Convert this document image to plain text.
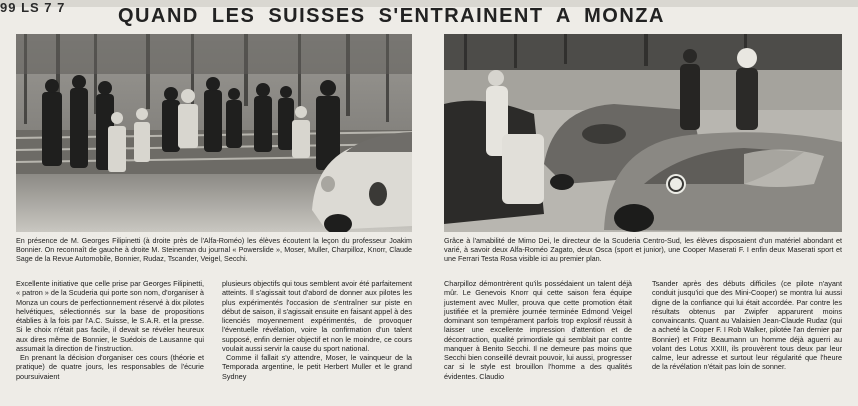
99 LS 7 7	QUAND LES SUISSES S'ENTRAINENT A MONZA
En présence de M. Georges Filipinetti (à droite près de l'Alfa-Roméo) les élèves écoutent la leçon du professeur Joakim Bonnier. On reconnaît de gauche à droite M. Steineman du journal « Powerslide », Moser, Muller, Charpilloz, Knorr, Claude Sage de la Revue Automobile, Bonnier, Rudaz, Tscander, Veigel, Secchi.
Grâce à l'amabilité de Mimo Dei, le directeur de la Scuderia Centro-Sud, les élèves disposaient d'un matériel abondant et varié, à savoir deux Alfa-Roméo Zagato, deux Osca (sport et junior), une Cooper Maserati F. I enfin deux Maserati sport et une Ferrari Testa Rosa visible ici au premier plan.

Excellente initiative que celle prise par Georges Filipinetti, « patron » de la Scuderia qui porte son nom, d'organiser à Monza un cours de perfectionnement réservé à dix pilotes helvétiques, sélectionnés sur la base de propositions établies à la fois par l'A.C. Suisse, le S.A.R. et la presse. Si le choix n'était pas facile, il devait se révéler heureux aux dires même de Bonnier, le Suédois de Lausanne qui assumait la direction de l'instruction.

En prenant la décision d'organiser ces cours (théorie et pratique) de quatre jours, les responsables de l'écurie poursuivaient

plusieurs objectifs qui tous semblent avoir été parfaitement atteints. Il s'agissait tout d'abord de donner aux pilotes les plus expérimentés l'occasion de s'entraîner sur piste en début de saison, il s'agissait ensuite en faisant appel à des licenciés moyennement expérimentés, de provoquer l'éventuelle révélation, voire la confirmation d'un talent supposé, enfin dernier objectif et non le moindre, ce cours voulait aussi servir la cause du sport national.

Comme il fallait s'y attendre, Moser, le vainqueur de la Temporada argentine, le petit Herbert Muller et le grand Sydney

Charpilloz démontrèrent qu'ils possédaient un talent déjà mûr. Le Genevois Knorr qui cette saison fera équipe justement avec Muller, prouva que cette promotion était justifiée et la première journée terminée Edmond Veigel dominant son tempérament parfois trop explosif réussit à laisser une excellente impression d'attention et de décontraction, qualité primordiale qui semblait par contre manquer à Benito Secchi. Il ne demeure pas moins que Secchi bien conseillé devrait pouvoir, lui aussi, progresser car si le style est brouillon l'homme a des qualités évidentes. Claudio

Tsander après des débuts difficiles (ce pilote n'ayant conduit jusqu'ici que des Mini-Cooper) se montra lui aussi digne de la confiance qui lui était accordée. Par contre les résultats obtenus par Zwipfer apparurent moins convaincants. Quant au Valaisien Jean-Claude Rudaz (qui a acheté la Cooper F. I Rob Walker, pilotée l'an dernier par Bonnier) et Fritz Beaumann un homme déjà aguerri au volant des Lotus XXIII, ils prouvèrent tous deux par leur calme, leur adresse et surtout leur régularité que l'heure de la révélation n'était pas loin de sonner.
